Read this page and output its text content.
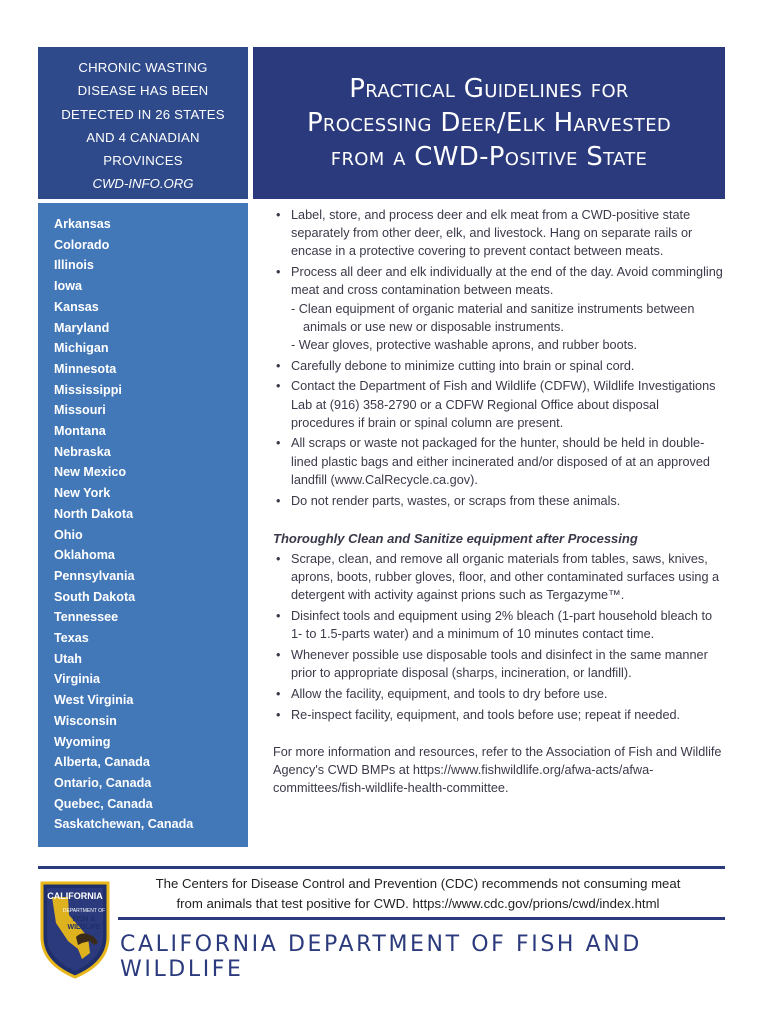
CHRONIC WASTING
DISEASE HAS BEEN
DETECTED IN 26 STATES
AND 4 CANADIAN
PROVINCES
CWD-INFO.ORG
Arkansas
Colorado
Illinois
Iowa
Kansas
Maryland
Michigan
Minnesota
Mississippi
Missouri
Montana
Nebraska
New Mexico
New York
North Dakota
Ohio
Oklahoma
Pennsylvania
South Dakota
Tennessee
Texas
Utah
Virginia
West Virginia
Wisconsin
Wyoming
Alberta, Canada
Ontario, Canada
Quebec, Canada
Saskatchewan, Canada
Practical Guidelines for
Processing Deer/Elk Harvested
from a CWD-Positive State
• Label, store, and process deer and elk meat from a CWD-positive state separately from other deer, elk, and livestock. Hang on separate rails or encase in a protective covering to prevent contact between meats.
• Process all deer and elk individually at the end of the day. Avoid commingling meat and cross contamination between meats.
- Clean equipment of organic material and sanitize instruments between animals or use new or disposable instruments.
- Wear gloves, protective washable aprons, and rubber boots.
• Carefully debone to minimize cutting into brain or spinal cord.
• Contact the Department of Fish and Wildlife (CDFW), Wildlife Investigations Lab at (916) 358-2790 or a CDFW Regional Office about disposal procedures if brain or spinal column are present.
• All scraps or waste not packaged for the hunter, should be held in double-lined plastic bags and either incinerated and/or disposed of at an approved landfill (www.CalRecycle.ca.gov).
• Do not render parts, wastes, or scraps from these animals.
Thoroughly Clean and Sanitize equipment after Processing
• Scrape, clean, and remove all organic materials from tables, saws, knives, aprons, boots, rubber gloves, floor, and other contaminated surfaces using a detergent with activity against prions such as Tergazyme™.
• Disinfect tools and equipment using 2% bleach (1-part household bleach to 1- to 1.5-parts water) and a minimum of 10 minutes contact time.
• Whenever possible use disposable tools and disinfect in the same manner prior to appropriate disposal (sharps, incineration, or landfill).
• Allow the facility, equipment, and tools to dry before use.
• Re-inspect facility, equipment, and tools before use; repeat if needed.

For more information and resources, refer to the Association of Fish and Wildlife Agency's CWD BMPs at https://www.fishwildlife.org/afwa-acts/afwa-committees/fish-wildlife-health-committee.

The Centers for Disease Control and Prevention (CDC) recommends not consuming meat
from animals that test positive for CWD. https://www.cdc.gov/prions/cwd/index.html
CALIFORNIA
DEPARTMENT OF
FISH &
WILDLIFE
CALIFORNIA DEPARTMENT OF FISH AND WILDLIFE
